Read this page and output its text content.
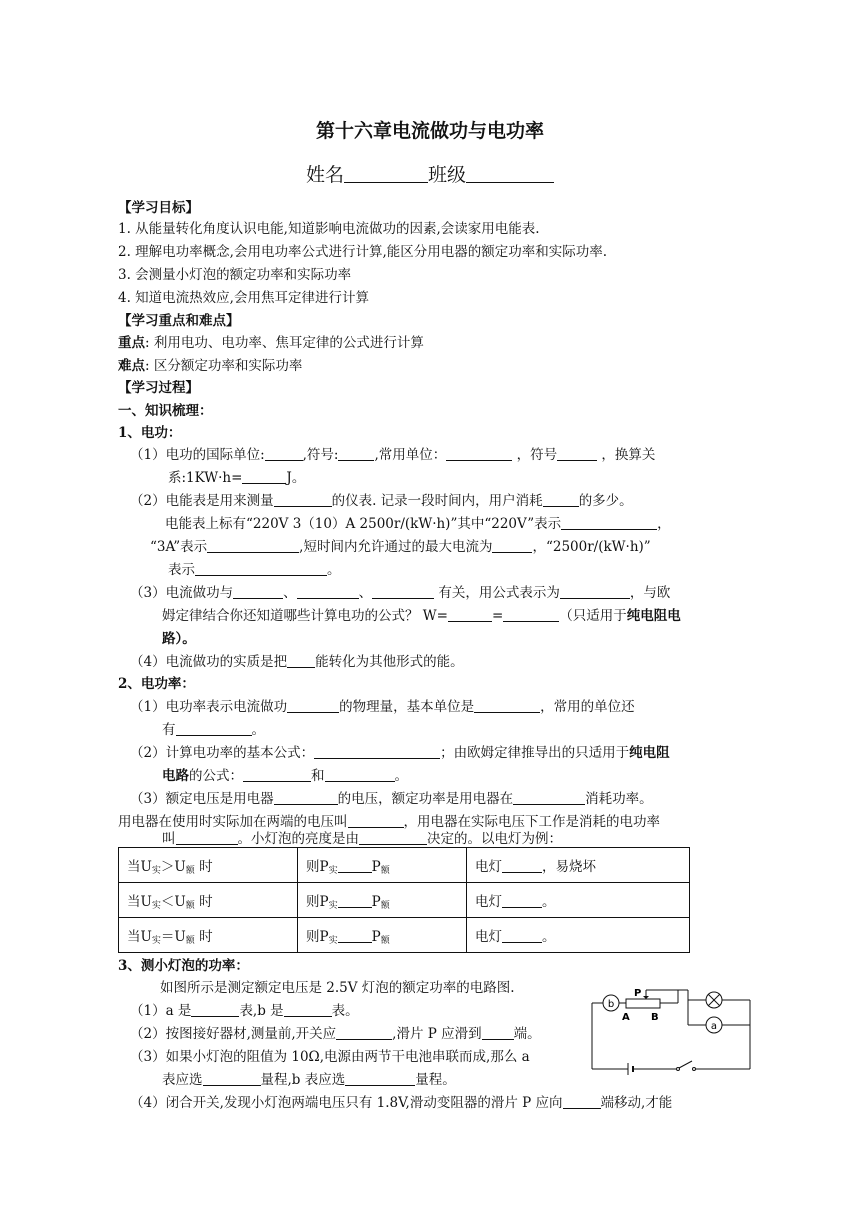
第十六章电流做功与电功率
姓名	班级
【学习目标】
1. 从能量转化角度认识电能,知道影响电流做功的因素,会读家用电能表.
2. 理解电功率概念,会用电功率公式进行计算,能区分用电器的额定功率和实际功率.
3. 会测量小灯泡的额定功率和实际功率
4. 知道电流热效应,会用焦耳定律进行计算
【学习重点和难点】
重点: 利用电功、电功率、焦耳定律的公式进行计算
难点: 区分额定功率和实际功率
【学习过程】
一、知识梳理：
1、电功：
（1）电功的国际单位:	,符号:	,常用单位：	，符号	，换算关
系:1KW·h=	J。
（2）电能表是用来测量	的仪表. 记录一段时间内，用户消耗	的多少。
电能表上标有“220V 3（10）A 2500r/(kW·h)”其中“220V”表示	，
“3A”表示	,短时间内允许通过的最大电流为	，“2500r/(kW·h)”
表示	。
（3）电流做功与	、	、	有关，用公式表示为	，与欧
姆定律结合你还知道哪些计算电功的公式？ W=	=	（只适用于纯电阻电
路）。
（4）电流做功的实质是把 能转化为其他形式的能。
2、电功率：
（1）电功率表示电流做功	的物理量，基本单位是	，常用的单位还
有	。
（2）计算电功率的基本公式：	；由欧姆定律推导出的只适用于纯电阻
电路的公式：	和	。
（3）额定电压是用电器	的电压，额定功率是用电器在	消耗功率。
用电器在使用时实际加在两端的电压叫	，用电器在实际电压下工作是消耗的电功率
叫	。小灯泡的亮度是由	决定的。以电灯为例：
当$U_实>U_额$ 时	则$P_实$ $P_额$	电灯 ，易烧坏
当$U_实<U_额$ 时	则$P_实$ $P_额$	电灯 。
当$U_实=U_额$ 时	则$P_实$ $P_额$	电灯 。
3、测小灯泡的功率：
如图所示是测定额定电压是 2.5V 灯泡的额定功率的电路图.
（1）a 是	表,b 是	表。
（2）按图接好器材,测量前,开关应	,滑片 P 应滑到 端。
（3）如果小灯泡的阻值为 10Ω,电源由两节干电池串联而成,那么 a
表应选	量程,b 表应选	量程。
（4）闭合开关,发现小灯泡两端电压只有 1.8V,滑动变阻器的滑片 P 应向	端移动,才能
b
a
P
A B
